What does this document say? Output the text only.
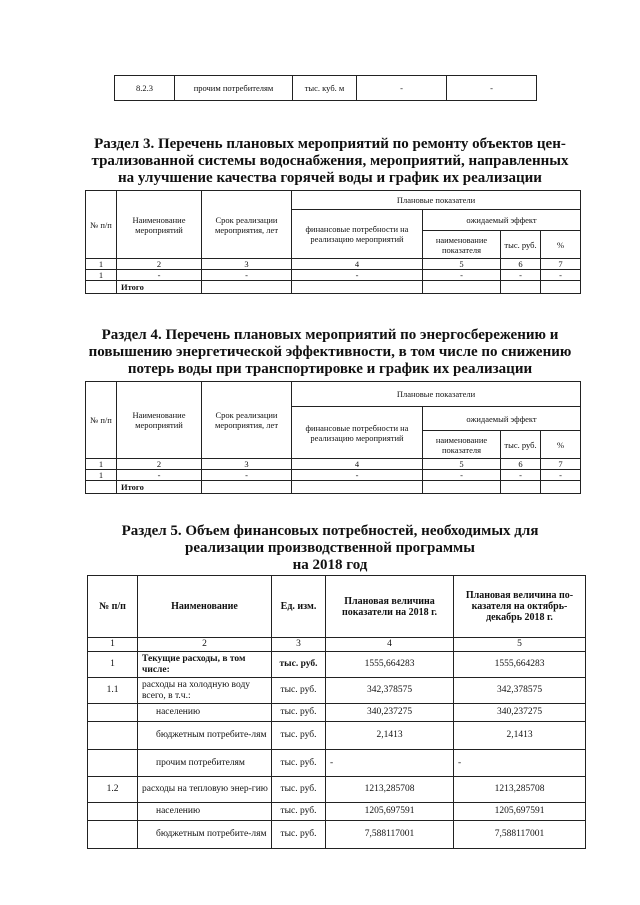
8.2.3	прочим потребителям	тыс. куб. м	-	-
Раздел 3. Перечень плановых мероприятий по ремонту объектов цен-
трализованной системы водоснабжения, мероприятий, направленных
на улучшение качества горячей воды и график их реализации
№ п/п	Наименование мероприятий	Срок реализации мероприятия, лет	Плановые показатели			
			финансовые потребности на реализацию мероприятий	ожидаемый эффект		
				наименование показателя	тыс. руб.	%
1	2	3	4	5	6	7
1	-	-	-	-	-	-
	Итого					
Раздел 4. Перечень плановых мероприятий по энергосбережению и
повышению энергетической эффективности, в том числе по снижению
потерь воды при транспортировке и график их реализации
№ п/п	Наименование мероприятий	Срок реализации мероприятия, лет	Плановые показатели			
			финансовые потребности на реализацию мероприятий	ожидаемый эффект		
				наименование показателя	тыс. руб.	%
1	2	3	4	5	6	7
1	-	-	-	-	-	-
	Итого					
Раздел 5. Объем финансовых потребностей, необходимых для
реализации производственной программы
на 2018 год
№ п/п	Наименование	Ед. изм.	Плановая величина показатели на 2018 г.	Плановая величина по-казателя на октябрь-декабрь 2018 г.
1	2	3	4	5
1	Текущие расходы, в том числе:	тыс. руб.	1555,664283	1555,664283
1.1	расходы на холодную воду всего, в т.ч.:	тыс. руб.	342,378575	342,378575
	населению	тыс. руб.	340,237275	340,237275
	бюджетным потребите-лям	тыс. руб.	2,1413	2,1413
	прочим потребителям	тыс. руб.	-	-
1.2	расходы на тепловую энер-гию	тыс. руб.	1213,285708	1213,285708
	населению	тыс. руб.	1205,697591	1205,697591
	бюджетным потребите-лям	тыс. руб.	7,588117001	7,588117001
